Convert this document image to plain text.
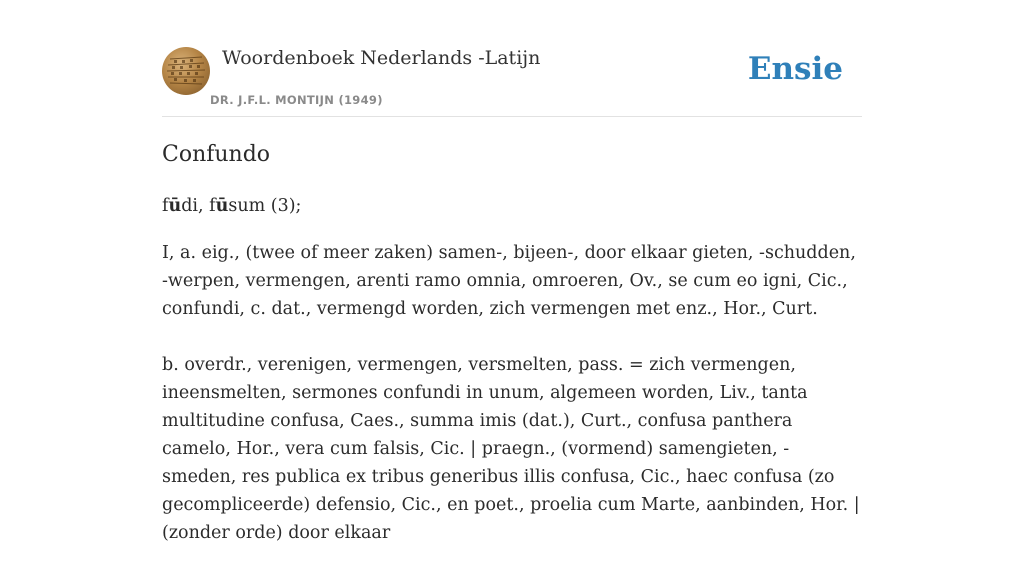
Woordenboek Nederlands -Latijn
DR. J.F.L. MONTIJN (1949)
Ensie
Confundo
fūdi, fūsum (3);

I, a. eig., (twee of meer zaken) samen-, bijeen-, door elkaar gieten, -schudden, -werpen, vermengen, arenti ramo omnia, omroeren, Ov., se cum eo igni, Cic., confundi, c. dat., vermengd worden, zich vermengen met enz., Hor., Curt.

b. overdr., verenigen, vermengen, versmelten, pass. = zich vermengen, ineensmelten, sermones confundi in unum, algemeen worden, Liv., tanta multitudine confusa, Caes., summa imis (dat.), Curt., confusa panthera camelo, Hor., vera cum falsis, Cic. | praegn., (vormend) samengieten, -smeden, res publica ex tribus generibus illis confusa, Cic., haec confusa (zo gecompliceerde) defensio, Cic., en poet., proelia cum Marte, aanbinden, Hor. | (zonder orde) door elkaar
